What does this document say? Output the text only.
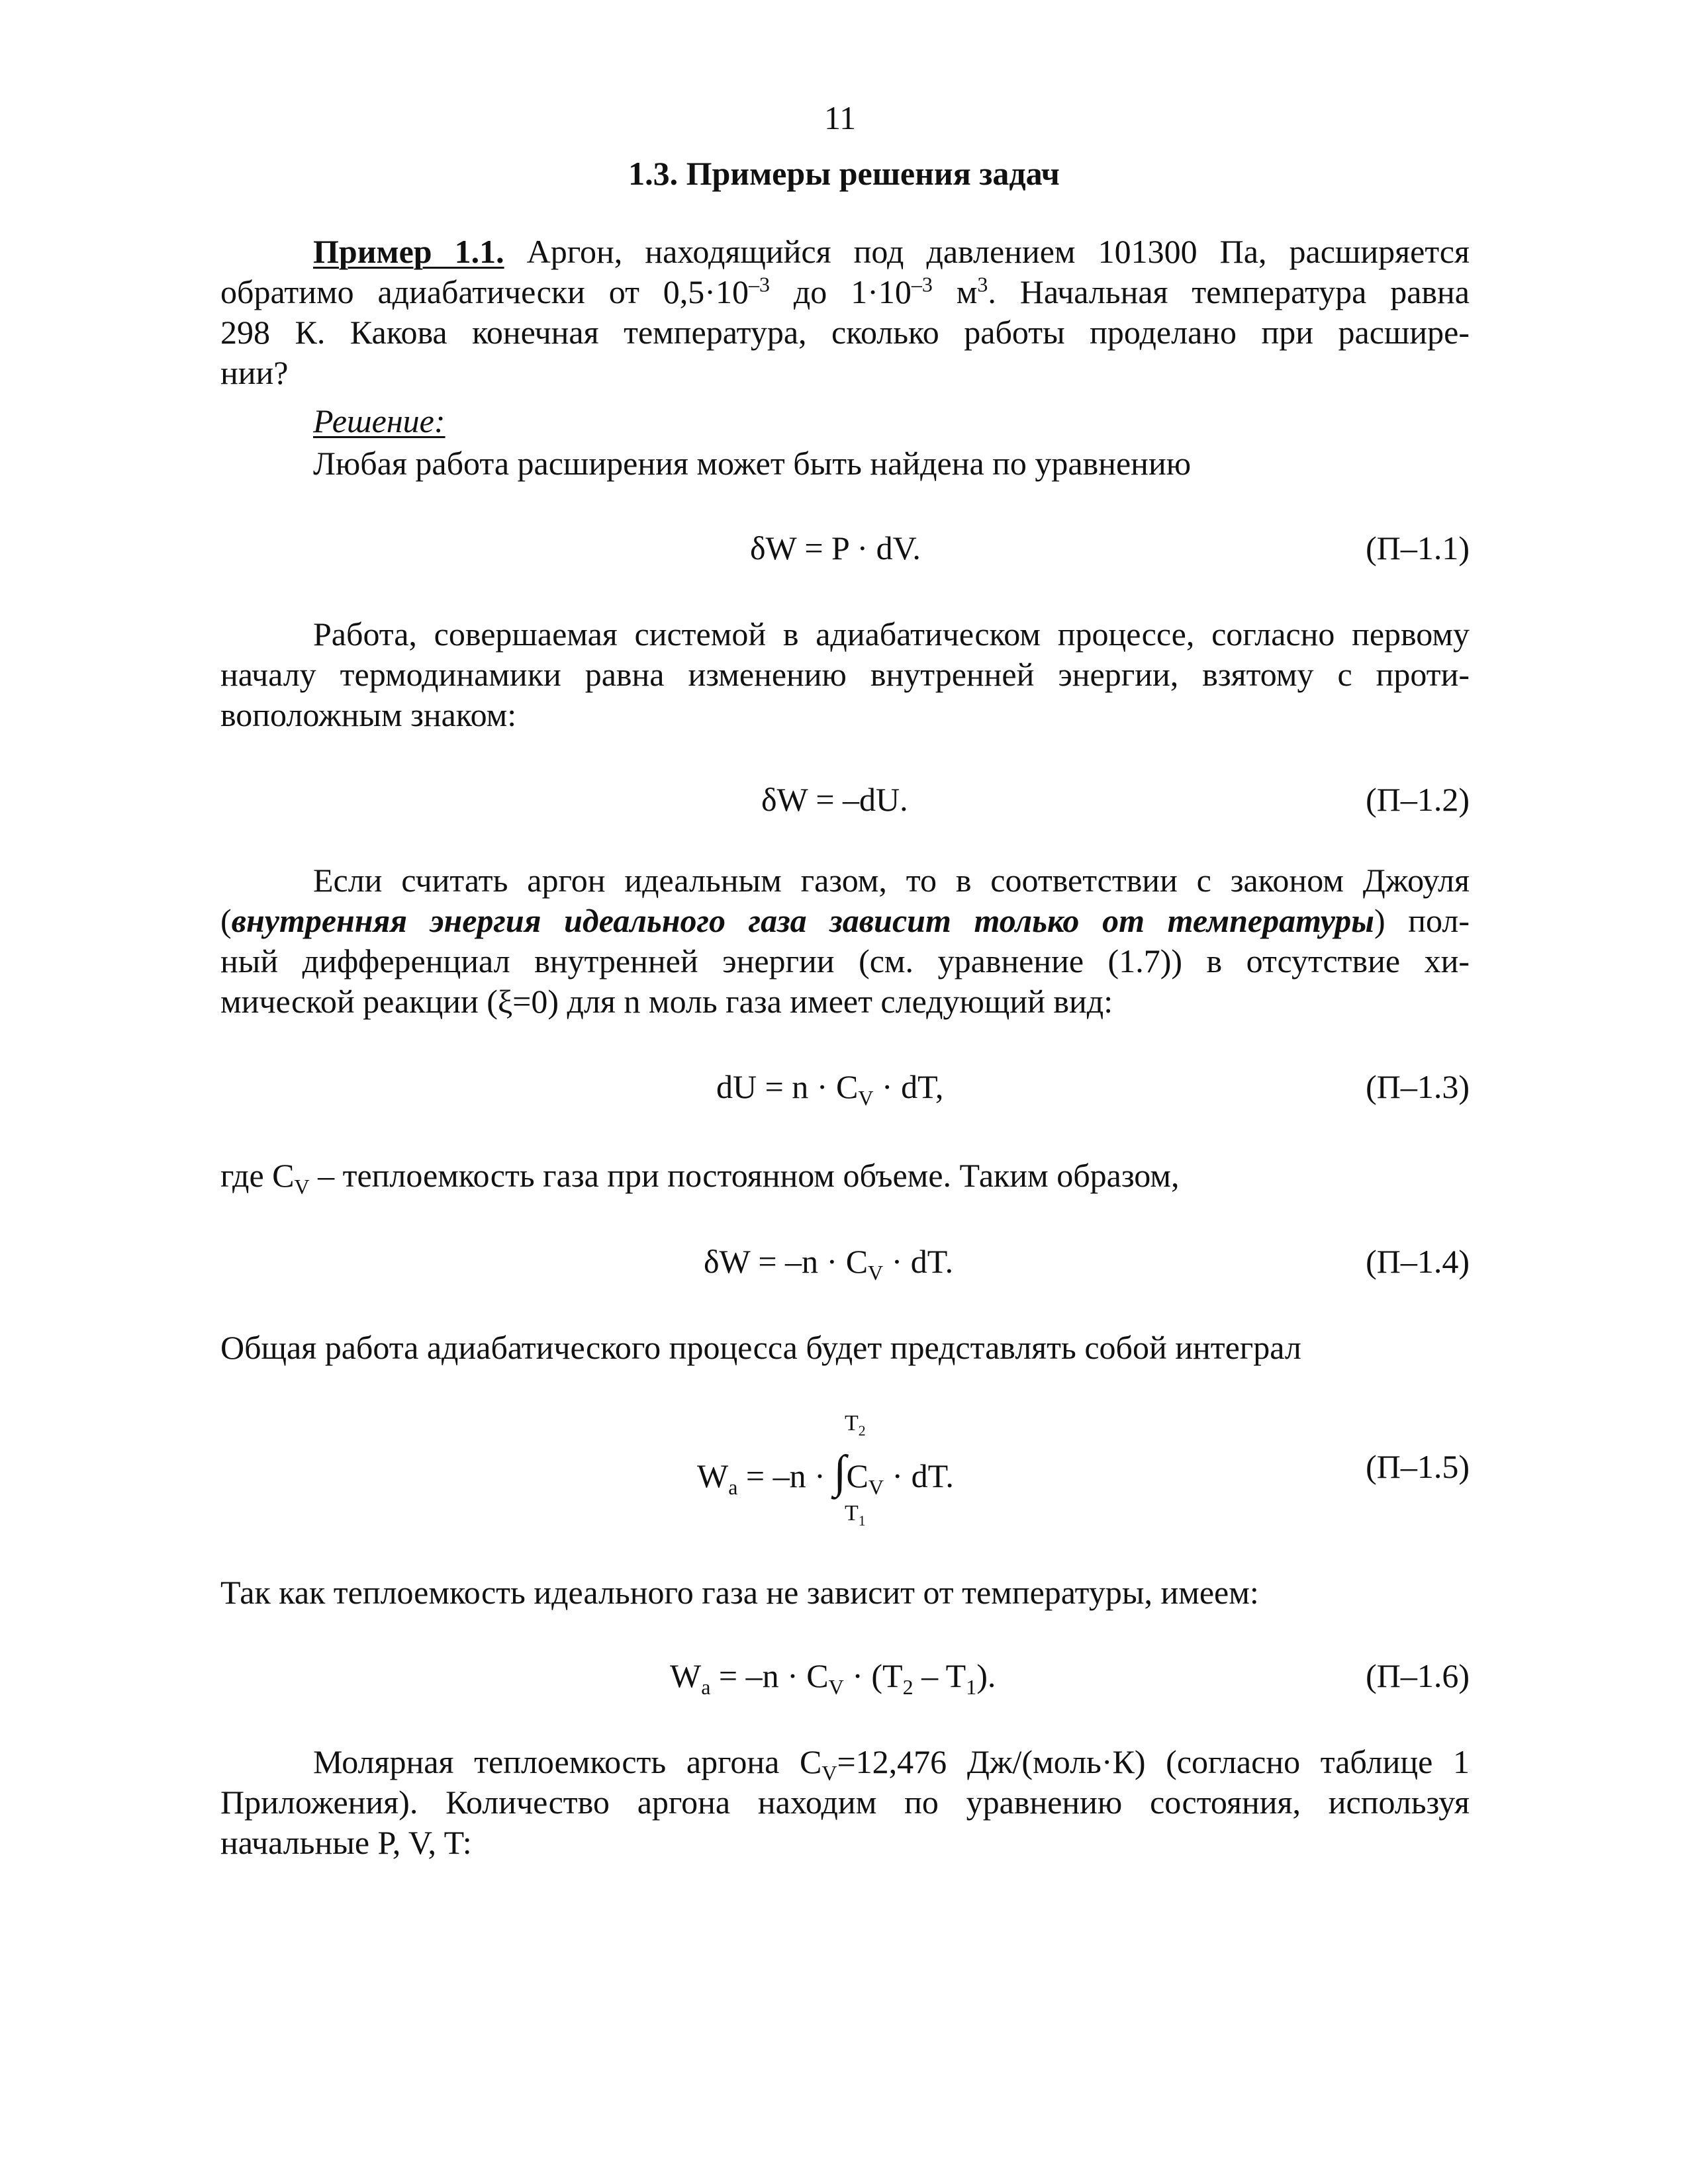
11
1.3. Примеры решения задач
Пример 1.1. Аргон, находящийся под давлением 101300 Па, расширяется
обратимо адиабатически от $0,5\cdot 10^{-3}$ до $1\cdot 10^{-3}$ $м^3$. Начальная температура равна
298 К. Какова конечная температура, сколько работы проделано при расшире-
нии?
Решение:
Любая работа расширения может быть найдена по уравнению
δW = P · dV.	(П–1.1)
Работа, совершаемая системой в адиабатическом процессе, согласно первому
началу термодинамики равна изменению внутренней энергии, взятому с проти-
воположным знаком:
δW = –dU.	(П–1.2)
Если считать аргон идеальным газом, то в соответствии с законом Джоуля
(внутренняя энергия идеального газа зависит только от температуры) пол-
ный дифференциал внутренней энергии (см. уравнение (1.7)) в отсутствие хи-
мической реакции (ξ=0) для n моль газа имеет следующий вид:
dU = $n \cdot C_V$ · dT,	(П–1.3)
где $C_V$ – теплоемкость газа при постоянном объеме. Таким образом,
$\delta W = -n \cdot C_V$ · dT.	(П–1.4)
Общая работа адиабатического процесса будет представлять собой интеграл
$W_a = -n \cdot \int C_V$ · dT.
$T_2$
$T_1$
(П–1.5)
Так как теплоемкость идеального газа не зависит от температуры, имеем:
$W_a = -n \cdot C_V \cdot (T_2 - T_1)$.	(П–1.6)
Молярная теплоемкость аргона $C_V=12,476$ Дж/(моль·К) (согласно таблице 1
Приложения). Количество аргона находим по уравнению состояния, используя
начальные P, V, T:
